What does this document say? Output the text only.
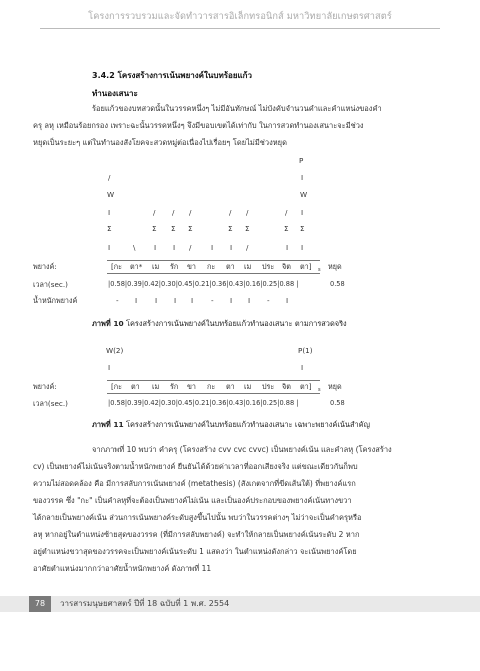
โครงการรวบรวมและจัดทำวารสารอิเล็กทรอนิกส์ มหาวิทยาลัยเกษตรศาสตร์
3.4.2 โครงสร้างการเน้นพยางค์ในบทร้อยแก้ว
ทำนองเสนาะ
ร้อยแก้วของบทสวดนั้นในวรรคหนึ่งๆ ไม่มีอันทักษณ์ ไม่บังคับจำนวนคำและคำแหน่งของคำ
ครุ ลหุ เหมือนร้อยกรอง เพราะฉะนั้นวรรคหนึ่งๆ จึงมีขอบเขตได้เท่ากับ ในการสวดทำนองเสนาะจะมีช่วง
หยุดเป็นระยะๆ แต่ในทำนองสังโยคจะสวดหมู่ต่อเนื่องไปเรื่อยๆ โดยไม่มีช่วงหยุด
P
/	I
W	W
I	/ / /	/ /	/ I
Σ	Σ Σ Σ	Σ Σ	Σ Σ
I	\	I I /	I I /	I I
พยางค์:	[กะ ตา* เม รัก ขา กะ ตา เม ประ จิต ตา] s หยุด
เวลา(sec.)	|0.58|0.39|0.42|0.30|0.45|0.21|0.36|0.43|0.16|0.25|0.88 |	0.58
น้ำหนักพยางค์	- I I I I - I I - I
ภาพที่ 10 โครงสร้างการเน้นพยางค์ในบทร้อยแก้วทำนองเสนาะ ตามการสวดจริง
W(2)	P(1)
I	I
พยางค์:	[กะ ตา เม รัก ขา กะ ตา เม ประ จิต ตา] s หยุด
เวลา(sec.)	|0.58|0.39|0.42|0.30|0.45|0.21|0.36|0.43|0.16|0.25|0.88 |	0.58
ภาพที่ 11 โครงสร้างการเน้นพยางค์ในบทร้อยแก้วทำนองเสนาะ เฉพาะพยางค์เน้นสำคัญ
จากภาพที่ 10 พบว่า คำครุ (โครงสร้าง cvv cvc cvvc) เป็นพยางค์เน้น และคำลหุ (โครงสร้าง
cv) เป็นพยางค์ไม่เน้นจริงตามน้ำหนักพยางค์ ยืนยันได้ด้วยค่าเวลาที่ออกเสียงจริง แต่ขณะเดียวกันก็พบ
ความไม่สอดคล้อง คือ มีการสลับการเน้นพยางค์ (metathesis) (สังเกตจากที่ขีดเส้นใต้) ที่พยางค์แรก
ของวรรค ซึ่ง "กะ" เป็นคำลหุที่จะต้องเป็นพยางค์ไม่เน้น และเป็นองค์ประกอบของพยางค์เน้นทางขวา
ได้กลายเป็นพยางค์เน้น ส่วนการเน้นพยางค์ระดับสูงขึ้นไปนั้น พบว่าในวรรคต่างๆ ไม่ว่าจะเป็นคำครุหรือ
ลหุ หากอยู่ในตำแหน่งซ้ายสุดของวรรค (ที่มีการสลับพยางค์) จะทำให้กลายเป็นพยางค์เน้นระดับ 2 หาก
อยู่ตำแหน่งขวาสุดของวรรคจะเป็นพยางค์เน้นระดับ 1 แสดงว่า ในตำแหน่งดังกล่าว จะเน้นพยางค์โดย
อาศัยตำแหน่งมากกว่าอาศัยน้ำหนักพยางค์ ดังภาพที่ 11
78	วารสารมนุษยศาสตร์ ปีที่ 18 ฉบับที่ 1 พ.ศ. 2554
